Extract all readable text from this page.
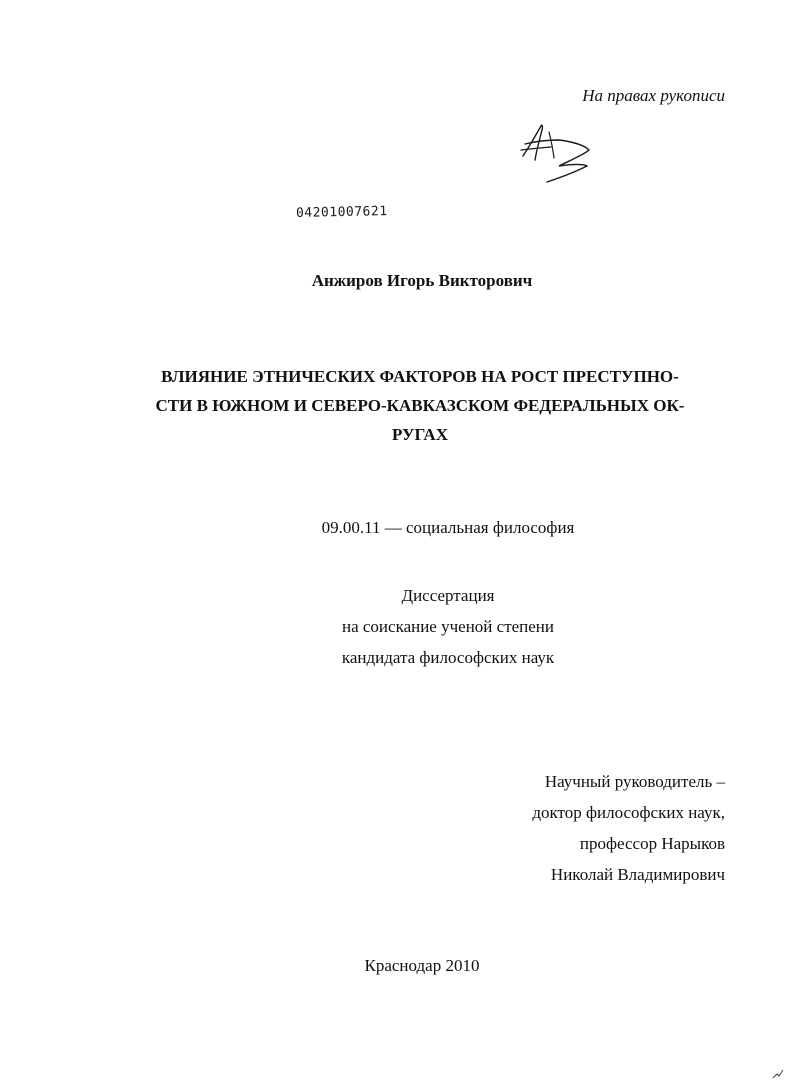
На правах рукописи
04201007621
Анжиров Игорь Викторович
ВЛИЯНИЕ ЭТНИЧЕСКИХ ФАКТОРОВ НА РОСТ ПРЕСТУПНО-
СТИ В ЮЖНОМ И СЕВЕРО-КАВКАЗСКОМ ФЕДЕРАЛЬНЫХ ОК-
РУГАХ
09.00.11 — социальная философия
Диссертация
на соискание ученой степени
кандидата философских наук
Научный руководитель –
доктор философских наук,
профессор Нарыков
Николай Владимирович
Краснодар 2010
